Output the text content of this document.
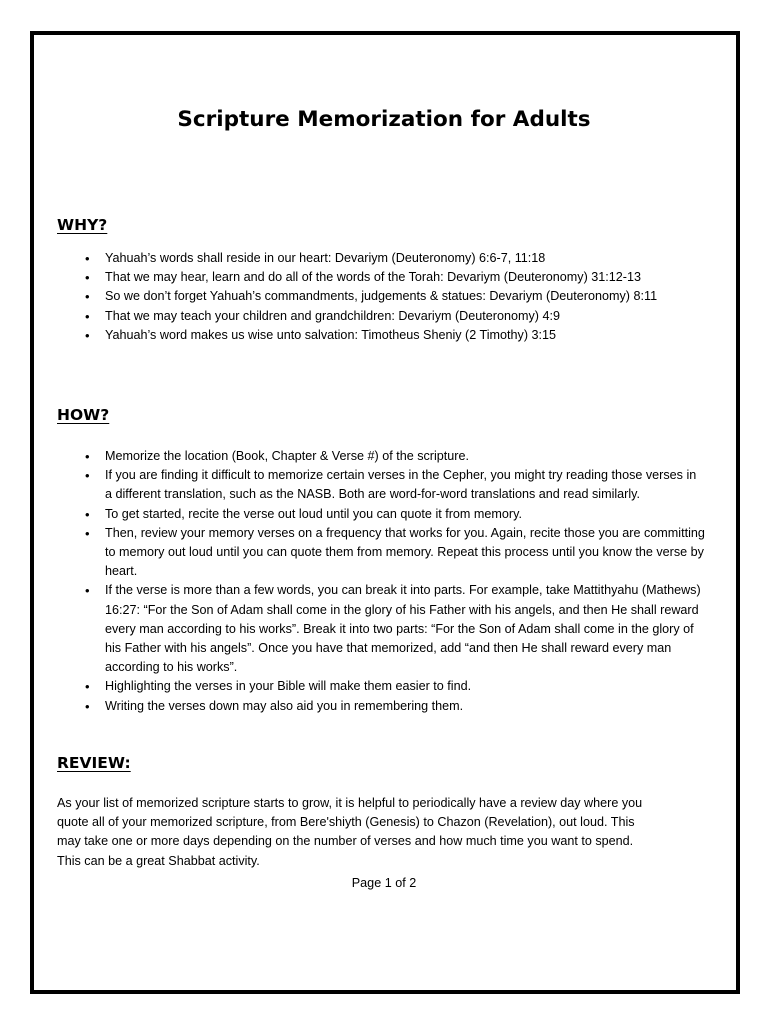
Scripture Memorization for Adults
WHY?
• Yahuah’s words shall reside in our heart: Devariym (Deuteronomy) 6:6-7, 11:18
• That we may hear, learn and do all of the words of the Torah: Devariym (Deuteronomy) 31:12-13
• So we don’t forget Yahuah’s commandments, judgements & statues: Devariym (Deuteronomy) 8:11
• That we may teach your children and grandchildren: Devariym (Deuteronomy) 4:9
• Yahuah’s word makes us wise unto salvation: Timotheus Sheniy (2 Timothy) 3:15
HOW?
• Memorize the location (Book, Chapter & Verse #) of the scripture.
• If you are finding it difficult to memorize certain verses in the Cepher, you might try reading those verses in a different translation, such as the NASB. Both are word-for-word translations and read similarly.
• To get started, recite the verse out loud until you can quote it from memory.
• Then, review your memory verses on a frequency that works for you. Again, recite those you are committing to memory out loud until you can quote them from memory. Repeat this process until you know the verse by heart.
• If the verse is more than a few words, you can break it into parts. For example, take Mattithyahu (Mathews) 16:27: “For the Son of Adam shall come in the glory of his Father with his angels, and then He shall reward every man according to his works”. Break it into two parts: “For the Son of Adam shall come in the glory of his Father with his angels”. Once you have that memorized, add “and then He shall reward every man according to his works”.
• Highlighting the verses in your Bible will make them easier to find.
• Writing the verses down may also aid you in remembering them.
REVIEW:

As your list of memorized scripture starts to grow, it is helpful to periodically have a review day where you quote all of your memorized scripture, from Bere'shiyth (Genesis) to Chazon (Revelation), out loud. This may take one or more days depending on the number of verses and how much time you want to spend. This can be a great Shabbat activity.

Page 1 of 2
